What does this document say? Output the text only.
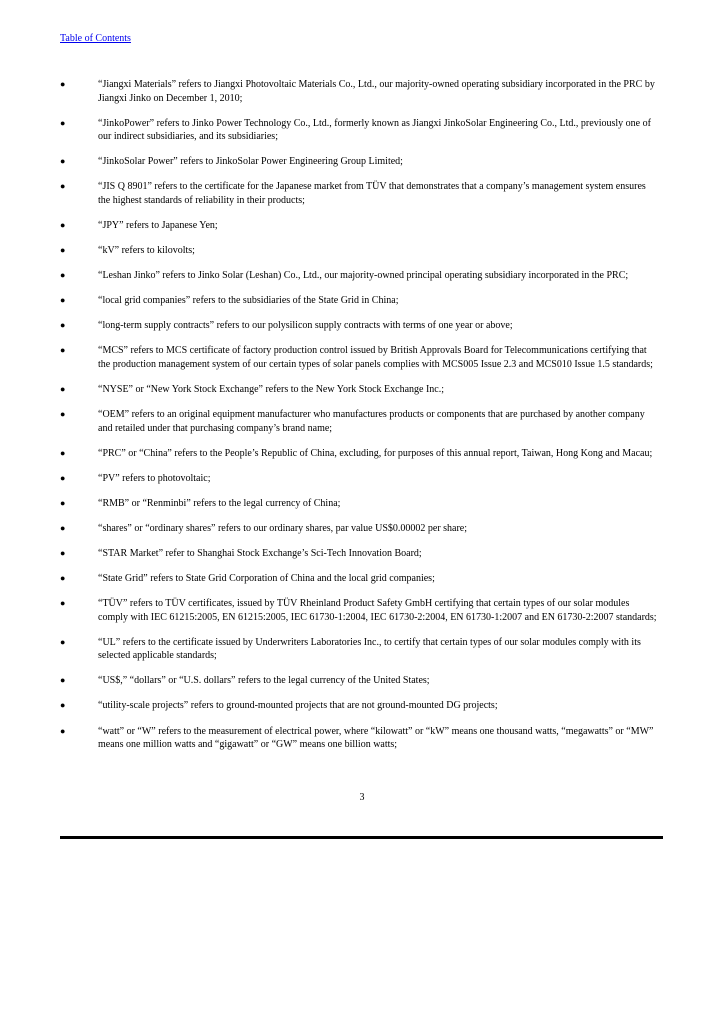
Table of Contents
●	“Jiangxi Materials” refers to Jiangxi Photovoltaic Materials Co., Ltd., our majority-owned operating subsidiary incorporated in the PRC by Jiangxi Jinko on December 1, 2010;
●	“JinkoPower” refers to Jinko Power Technology Co., Ltd., formerly known as Jiangxi JinkoSolar Engineering Co., Ltd., previously one of our indirect subsidiaries, and its subsidiaries;
●	“JinkoSolar Power” refers to JinkoSolar Power Engineering Group Limited;
●	“JIS Q 8901” refers to the certificate for the Japanese market from TÜV that demonstrates that a company’s management system ensures the highest standards of reliability in their products;
●	“JPY” refers to Japanese Yen;
●	“kV” refers to kilovolts;
●	“Leshan Jinko” refers to Jinko Solar (Leshan) Co., Ltd., our majority-owned principal operating subsidiary incorporated in the PRC;
●	“local grid companies” refers to the subsidiaries of the State Grid in China;
●	“long-term supply contracts” refers to our polysilicon supply contracts with terms of one year or above;
●	“MCS” refers to MCS certificate of factory production control issued by British Approvals Board for Telecommunications certifying that the production management system of our certain types of solar panels complies with MCS005 Issue 2.3 and MCS010 Issue 1.5 standards;
●	“NYSE” or “New York Stock Exchange” refers to the New York Stock Exchange Inc.;
●	“OEM” refers to an original equipment manufacturer who manufactures products or components that are purchased by another company and retailed under that purchasing company’s brand name;
●	“PRC” or “China” refers to the People’s Republic of China, excluding, for purposes of this annual report, Taiwan, Hong Kong and Macau;
●	“PV” refers to photovoltaic;
●	“RMB” or “Renminbi” refers to the legal currency of China;
●	“shares” or “ordinary shares” refers to our ordinary shares, par value US$0.00002 per share;
●	“STAR Market” refer to Shanghai Stock Exchange’s Sci-Tech Innovation Board;
●	“State Grid” refers to State Grid Corporation of China and the local grid companies;
●	“TÜV” refers to TÜV certificates, issued by TÜV Rheinland Product Safety GmbH certifying that certain types of our solar modules comply with IEC 61215:2005, EN 61215:2005, IEC 61730-1:2004, IEC 61730-2:2004, EN 61730-1:2007 and EN 61730-2:2007 standards;
●	“UL” refers to the certificate issued by Underwriters Laboratories Inc., to certify that certain types of our solar modules comply with its selected applicable standards;
●	“US$,” “dollars” or “U.S. dollars” refers to the legal currency of the United States;
●	“utility-scale projects” refers to ground-mounted projects that are not ground-mounted DG projects;
●	“watt” or “W” refers to the measurement of electrical power, where “kilowatt” or “kW” means one thousand watts, “megawatts” or “MW” means one million watts and “gigawatt” or “GW” means one billion watts;
3
